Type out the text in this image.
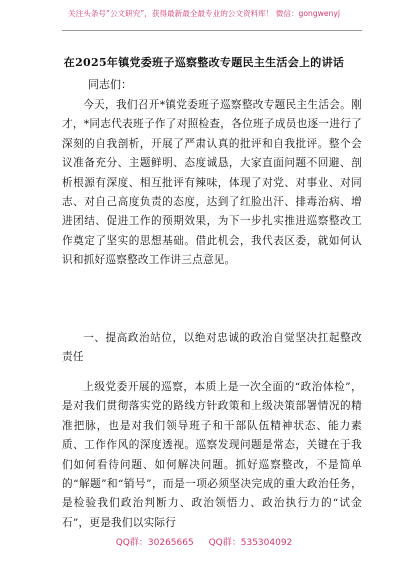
关注头条号“公文研究”，获得最新最全最专业的公文资料库！ 微信：gongwenyj
在2025年镇党委班子巡察整改专题民主生活会上的讲话
同志们：
今天，我们召开*镇党委班子巡察整改专题民主生活会。刚才，*同志代表班子作了对照检查，各位班子成员也逐一进行了深刻的自我剖析，开展了严肃认真的批评和自我批评。整个会议准备充分、主题鲜明、态度诚恳，大家直面问题不回避、剖析根源有深度、相互批评有辣味，体现了对党、对事业、对同志、对自己高度负责的态度，达到了红脸出汗、排毒治病、增进团结、促进工作的预期效果，为下一步扎实推进巡察整改工作奠定了坚实的思想基础。借此机会，我代表区委，就如何认识和抓好巡察整改工作讲三点意见。
一、提高政治站位，以绝对忠诚的政治自觉坚决扛起整改责任
上级党委开展的巡察，本质上是一次全面的“政治体检”，是对我们贯彻落实党的路线方针政策和上级决策部署情况的精准把脉，也是对我们领导班子和干部队伍精神状态、能力素质、工作作风的深度透视。巡察发现问题是常态，关键在于我们如何看待问题、如何解决问题。抓好巡察整改，不是简单的“解题”和“销号”，而是一项必须坚决完成的重大政治任务，是检验我们政治判断力、政治领悟力、政治执行力的“试金石”，更是我们以实际行
QQ群：30265665 QQ群：535304092
